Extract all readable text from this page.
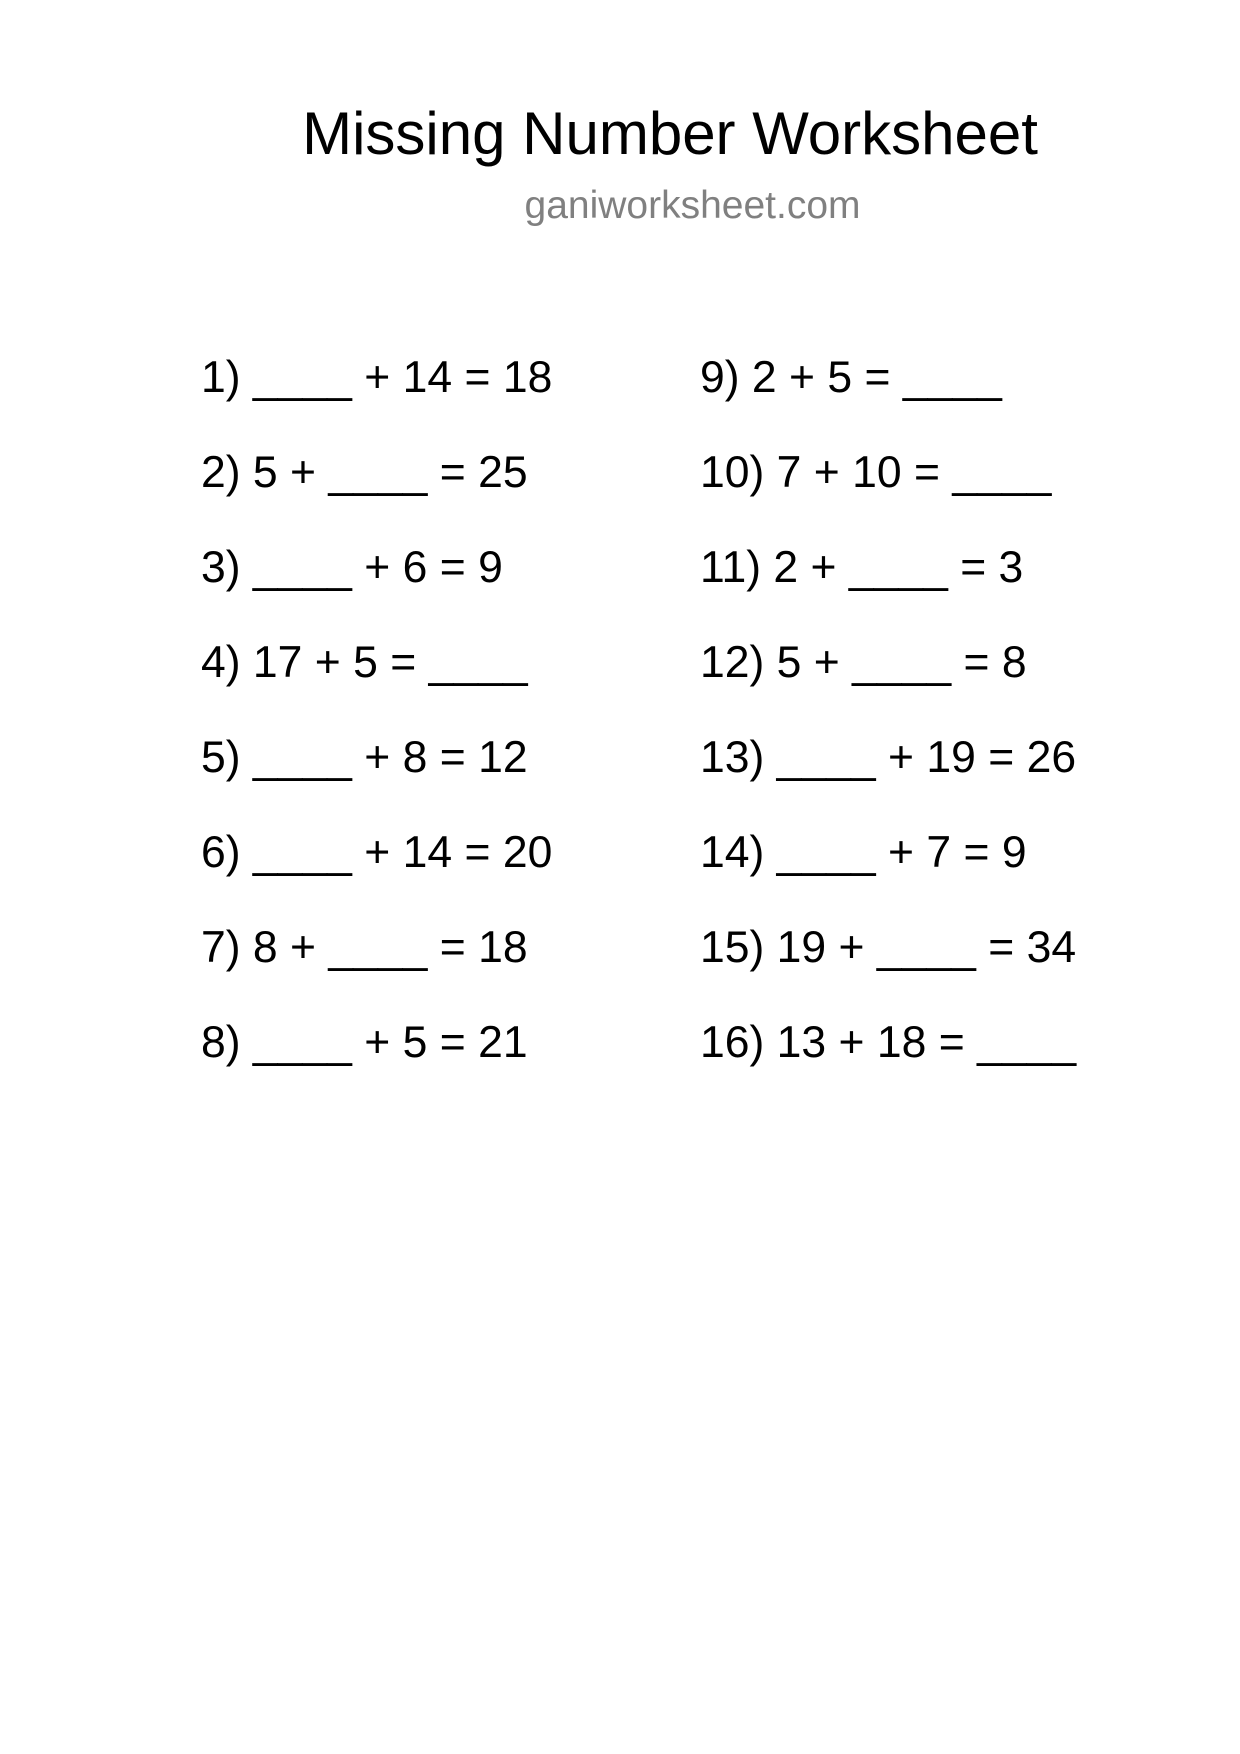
Missing Number Worksheet
ganiworksheet.com
1) ____ + 14 = 18
2) 5 + ____ = 25
3) ____ + 6 = 9
4) 17 + 5 = ____
5) ____ + 8 = 12
6) ____ + 14 = 20
7) 8 + ____ = 18
8) ____ + 5 = 21
9) 2 + 5 = ____
10) 7 + 10 = ____
11) 2 + ____ = 3
12) 5 + ____ = 8
13) ____ + 19 = 26
14) ____ + 7 = 9
15) 19 + ____ = 34
16) 13 + 18 = ____
